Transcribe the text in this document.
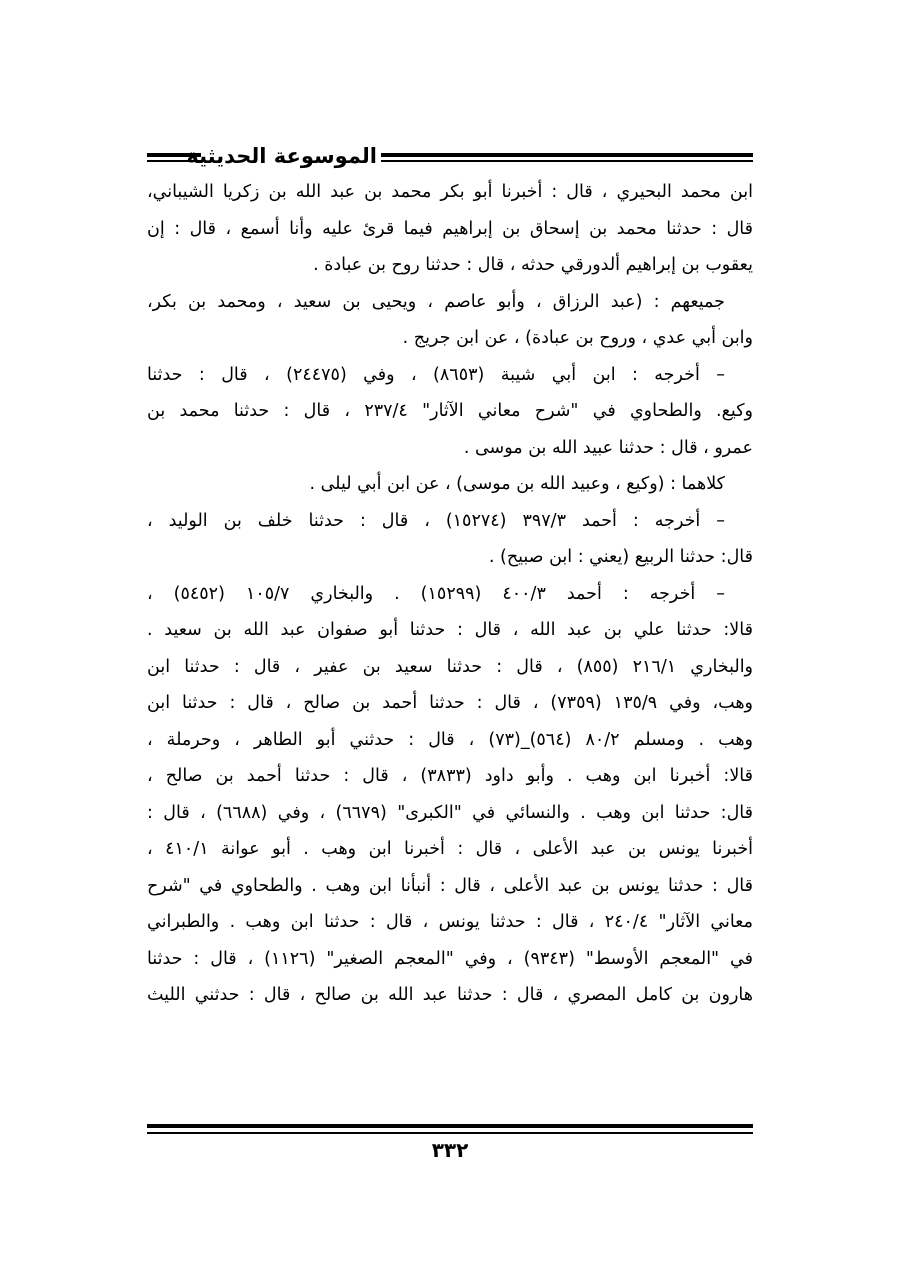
الموسوعة الحديثية
ابن محمد البحيري ، قال : أخبرنا أبو بكر محمد بن عبد الله بن زكريا الشيباني،
قال : حدثنا محمد بن إسحاق بن إبراهيم فيما قرئ عليه وأنا أسمع ، قال : إن
يعقوب بن إبراهيم ألدورقي حدثه ، قال : حدثنا روح بن عبادة .
جميعهم : (عبد الرزاق ، وأبو عاصم ، ويحيى بن سعيد ، ومحمد بن بكر،
وابن أبي عدي ، وروح بن عبادة) ، عن ابن جريج .
– أخرجه : ابن أبي شيبة (٨٦٥٣) ، وفي (٢٤٤٧٥) ، قال : حدثنا
وكيع. والطحاوي في "شرح معاني الآثار" ٢٣٧/٤ ، قال : حدثنا محمد بن
عمرو ، قال : حدثنا عبيد الله بن موسى .
كلاهما : (وكيع ، وعبيد الله بن موسى) ، عن ابن أبي ليلى .
– أخرجه : أحمد ٣٩٧/٣ (١٥٢٧٤) ، قال : حدثنا خلف بن الوليد ،
قال: حدثنا الربيع (يعني : ابن صبيح) .
– أخرجه : أحمد ٤٠٠/٣ (١٥٢٩٩) . والبخاري ١٠٥/٧ (٥٤٥٢) ،
قالا: حدثنا علي بن عبد الله ، قال : حدثنا أبو صفوان عبد الله بن سعيد .
والبخاري ٢١٦/١ (٨٥٥) ، قال : حدثنا سعيد بن عفير ، قال : حدثنا ابن
وهب، وفي ١٣٥/٩ (٧٣٥٩) ، قال : حدثنا أحمد بن صالح ، قال : حدثنا ابن
وهب . ومسلم ٨٠/٢ (٥٦٤)_(٧٣) ، قال : حدثني أبو الطاهر ، وحرملة ،
قالا: أخبرنا ابن وهب . وأبو داود (٣٨٣٣) ، قال : حدثنا أحمد بن صالح ،
قال: حدثنا ابن وهب . والنسائي في "الكبرى" (٦٦٧٩) ، وفي (٦٦٨٨) ، قال :
أخبرنا يونس بن عبد الأعلى ، قال : أخبرنا ابن وهب . أبو عوانة ٤١٠/١ ،
قال : حدثنا يونس بن عبد الأعلى ، قال : أنبأنا ابن وهب . والطحاوي في "شرح
معاني الآثار" ٢٤٠/٤ ، قال : حدثنا يونس ، قال : حدثنا ابن وهب . والطبراني
في "المعجم الأوسط" (٩٣٤٣) ، وفي "المعجم الصغير" (١١٢٦) ، قال : حدثنا
هارون بن كامل المصري ، قال : حدثنا عبد الله بن صالح ، قال : حدثني الليث
٣٣٢
